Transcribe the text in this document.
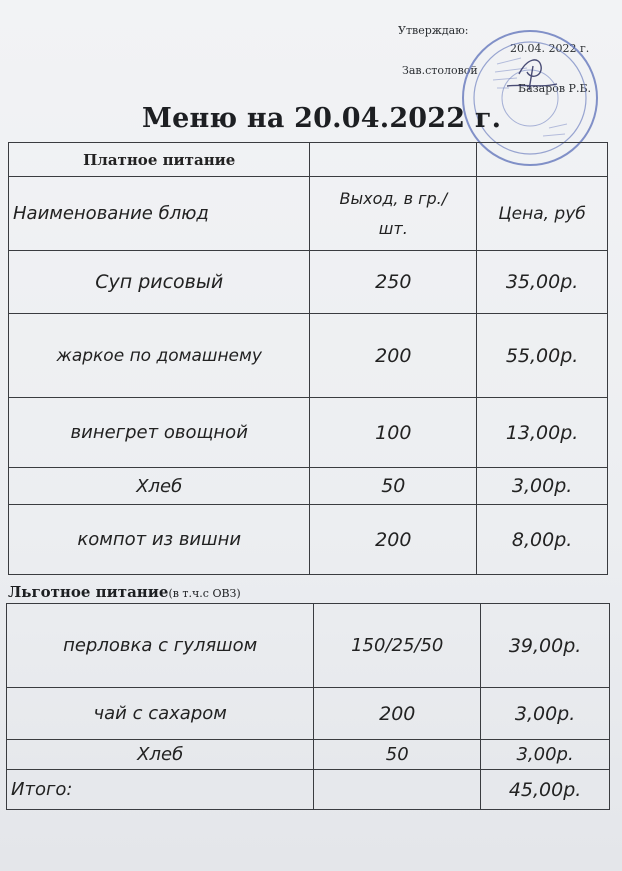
Утверждаю:
20.04. 2022 г.
Зав.столовой
Базаров Р.Б.
Меню на 20.04.2022 г.
Платное питание		
Наименование блюд	Выход, в гр./шт.	Цена, руб
Суп рисовый	250	35,00р.
жаркое по домашнему	200	55,00р.
винегрет овощной	100	13,00р.
Хлеб	50	3,00р.
компот из вишни	200	8,00р.
Льготное питание(в т.ч.с ОВЗ)
перловка с гуляшом	150/25/50	39,00р.
чай с сахаром	200	3,00р.
Хлеб	50	3,00р.
Итого:		45,00р.
